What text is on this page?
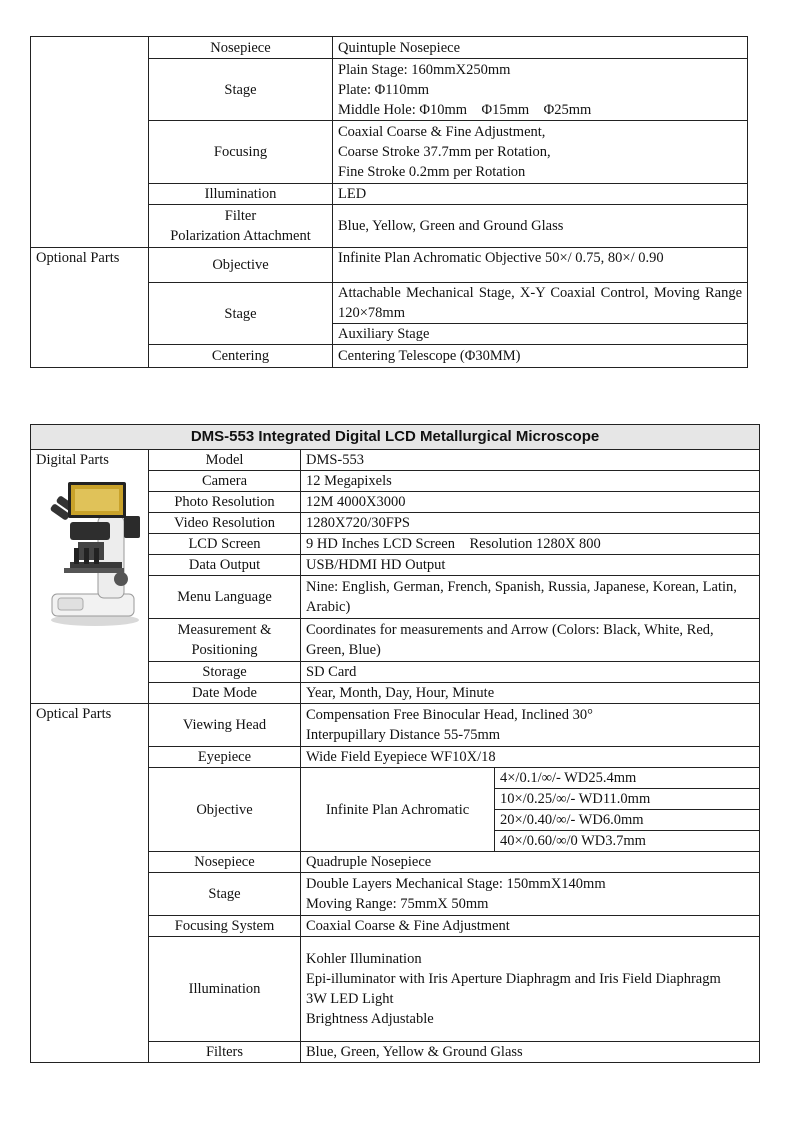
	Nosepiece	Quintuple Nosepiece
	Stage	Plain Stage: 160mmX250mm
Plate: Φ110mm
Middle Hole: Φ10mm    Φ15mm    Φ25mm

	Focusing	Coaxial Coarse & Fine Adjustment,
Coarse Stroke 37.7mm per Rotation,
Fine Stroke 0.2mm per Rotation

	Illumination	LED

	Filter
Polarization Attachment	Blue, Yellow, Green and Ground Glass
Optional Parts	Objective	Infinite Plan Achromatic Objective 50×/ 0.75, 80×/ 0.90
	Stage	Attachable Mechanical Stage, X-Y Coaxial Control, Moving Range 120×78mm
		Auxiliary Stage
	Centering	Centering Telescope (Φ30MM)
DMS-553 Integrated Digital LCD Metallurgical Microscope			

Digital Parts	Model	DMS-553	
	Camera	12 Megapixels	
	Photo Resolution	12M 4000X3000	
	Video Resolution	1280X720/30FPS	
	LCD Screen	9 HD Inches LCD Screen    Resolution 1280X 800	
	Data Output	USB/HDMI HD Output	
	Menu Language	Nine: English, German, French, Spanish, Russia, Japanese, Korean, Latin, Arabic)	

	Measurement &
Positioning	Coordinates for measurements and Arrow (Colors: Black, White, Red, Green, Blue)	
	Storage	SD Card	
	Date Mode	Year, Month, Day, Hour, Minute	
Optical Parts	Viewing Head	Compensation Free Binocular Head, Inclined 30°
Interpupillary Distance 55-75mm	

	Eyepiece	Wide Field Eyepiece WF10X/18	
	Objective	Infinite Plan Achromatic	4×/0.1/∞/- WD25.4mm
			10×/0.25/∞/- WD11.0mm
			20×/0.40/∞/- WD6.0mm
			40×/0.60/∞/0 WD3.7mm
	Nosepiece	Quadruple Nosepiece	
	Stage	Double Layers Mechanical Stage: 150mmX140mm
Moving Range: 75mmX 50mm	

	Focusing System	Coaxial Coarse & Fine Adjustment	
	Illumination	Kohler Illumination
Epi-illuminator with Iris Aperture Diaphragm and Iris Field Diaphragm
3W LED Light
Brightness Adjustable	

	Filters	Blue, Green, Yellow & Ground Glass	
